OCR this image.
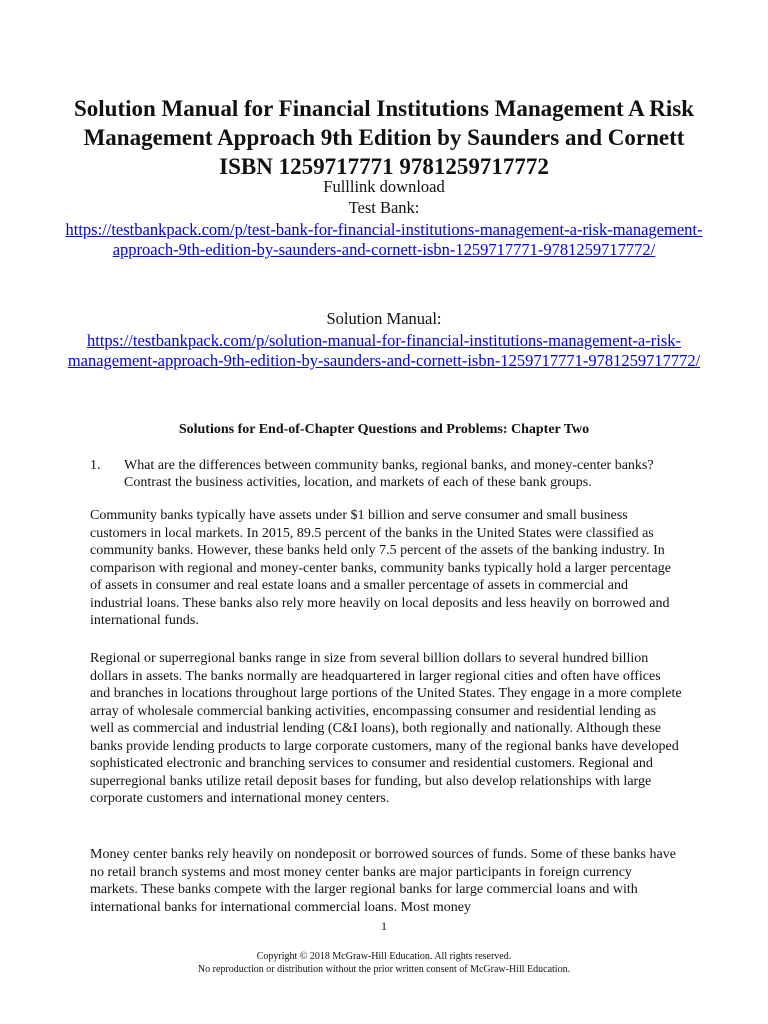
Solution Manual for Financial Institutions Management A Risk Management Approach 9th Edition by Saunders and Cornett ISBN 1259717771 9781259717772

Fulllink download

Test Bank:

https://testbankpack.com/p/test-bank-for-financial-institutions-management-a-risk-management-approach-9th-edition-by-saunders-and-cornett-isbn-1259717771-9781259717772/

Solution Manual:

https://testbankpack.com/p/solution-manual-for-financial-institutions-management-a-risk-management-approach-9th-edition-by-saunders-and-cornett-isbn-1259717771-9781259717772/
Solutions for End-of-Chapter Questions and Problems: Chapter Two
1. What are the differences between community banks, regional banks, and money-center banks? Contrast the business activities, location, and markets of each of these bank groups.

Community banks typically have assets under $1 billion and serve consumer and small business customers in local markets. In 2015, 89.5 percent of the banks in the United States were classified as community banks. However, these banks held only 7.5 percent of the assets of the banking industry. In comparison with regional and money-center banks, community banks typically hold a larger percentage of assets in consumer and real estate loans and a smaller percentage of assets in commercial and industrial loans. These banks also rely more heavily on local deposits and less heavily on borrowed and international funds.

Regional or superregional banks range in size from several billion dollars to several hundred billion dollars in assets. The banks normally are headquartered in larger regional cities and often have offices and branches in locations throughout large portions of the United States. They engage in a more complete array of wholesale commercial banking activities, encompassing consumer and residential lending as well as commercial and industrial lending (C&I loans), both regionally and nationally. Although these banks provide lending products to large corporate customers, many of the regional banks have developed sophisticated electronic and branching services to consumer and residential customers. Regional and superregional banks utilize retail deposit bases for funding, but also develop relationships with large corporate customers and international money centers.

Money center banks rely heavily on nondeposit or borrowed sources of funds. Some of these banks have no retail branch systems and most money center banks are major participants in foreign currency markets. These banks compete with the larger regional banks for large commercial loans and with international banks for international commercial loans. Most money

1

Copyright © 2018 McGraw-Hill Education. All rights reserved.

No reproduction or distribution without the prior written consent of McGraw-Hill Education.
